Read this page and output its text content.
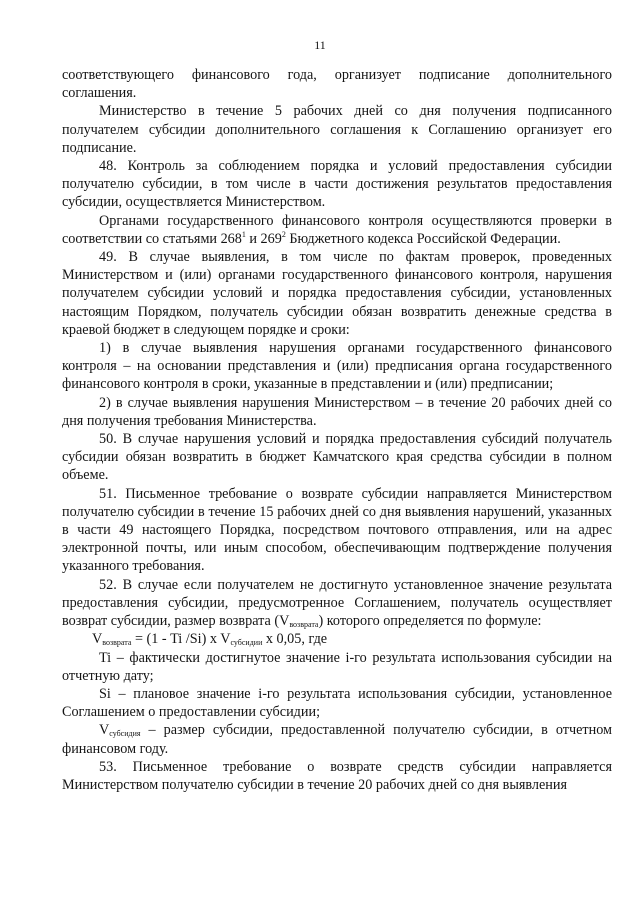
11

соответствующего финансового года, организует подписание дополнительного соглашения.

Министерство в течение 5 рабочих дней со дня получения подписанного получателем субсидии дополнительного соглашения к Соглашению организует его подписание.

48. Контроль за соблюдением порядка и условий предоставления субсидии получателю субсидии, в том числе в части достижения результатов предоставления субсидии, осуществляется Министерством.

Органами государственного финансового контроля осуществляются проверки в соответствии со статьями $268^1$ и $269^2$ Бюджетного кодекса Российской Федерации.

49. В случае выявления, в том числе по фактам проверок, проведенных Министерством и (или) органами государственного финансового контроля, нарушения получателем субсидии условий и порядка предоставления субсидии, установленных настоящим Порядком, получатель субсидии обязан возвратить денежные средства в краевой бюджет в следующем порядке и сроки:

1) в случае выявления нарушения органами государственного финансового контроля – на основании представления и (или) предписания органа государственного финансового контроля в сроки, указанные в представлении и (или) предписании;

2) в случае выявления нарушения Министерством – в течение 20 рабочих дней со дня получения требования Министерства.

50. В случае нарушения условий и порядка предоставления субсидий получатель субсидии обязан возвратить в бюджет Камчатского края средства субсидии в полном объеме.

51. Письменное требование о возврате субсидии направляется Министерством получателю субсидии в течение 15 рабочих дней со дня выявления нарушений, указанных в части 49 настоящего Порядка, посредством почтового отправления, или на адрес электронной почты, или иным способом, обеспечивающим подтверждение получения указанного требования.

52. В случае если получателем не достигнуто установленное значение результата предоставления субсидии, предусмотренное Соглашением, получатель осуществляет возврат субсидии, размер возврата $(V_{возврата})$ которого определяется по формуле:

$V_{возврата} = (1 - Ti$ /Si) x $V_{субсидии}$ x 0,05, где

Ti – фактически достигнутое значение i-го результата использования субсидии на отчетную дату;

Si – плановое значение i-го результата использования субсидии, установленное Соглашением о предоставлении субсидии;

$V_{субсидия}$ – размер субсидии, предоставленной получателю субсидии, в отчетном финансовом году.

53. Письменное требование о возврате средств субсидии направляется Министерством получателю субсидии в течение 20 рабочих дней со дня выявления
